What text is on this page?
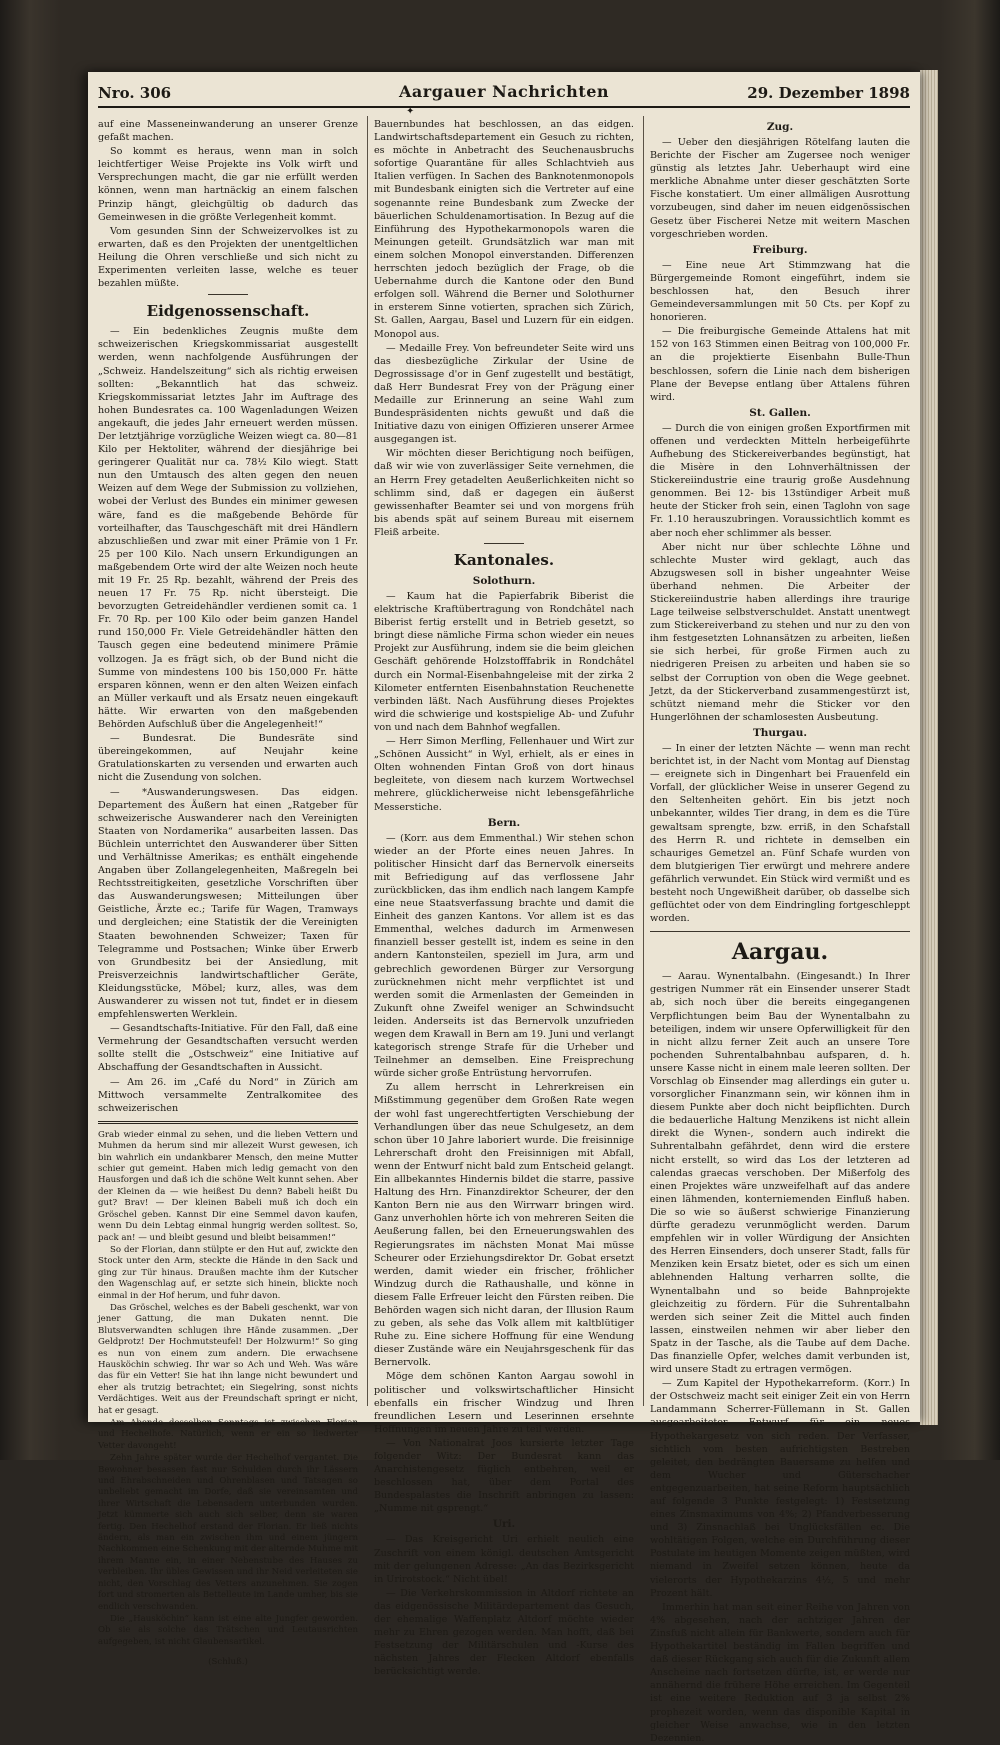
Nro. 306	Aargauer Nachrichten	29. Dezember 1898
✦

auf eine Masseneinwanderung an unserer Grenze gefaßt machen.

So kommt es heraus, wenn man in solch leichtfertiger Weise Projekte ins Volk wirft und Versprechungen macht, die gar nie erfüllt werden können, wenn man hartnäckig an einem falschen Prinzip hängt, gleichgültig ob dadurch das Gemeinwesen in die größte Verlegenheit kommt.

Vom gesunden Sinn der Schweizervolkes ist zu erwarten, daß es den Projekten der unentgeltlichen Heilung die Ohren verschließe und sich nicht zu Experimenten verleiten lasse, welche es teuer bezahlen müßte.

Eidgenossenschaft.

— Ein bedenkliches Zeugnis mußte dem schweizerischen Kriegskommissariat ausgestellt werden, wenn nachfolgende Ausführungen der „Schweiz. Handelszeitung“ sich als richtig erweisen sollten: „Bekanntlich hat das schweiz. Kriegskommissariat letztes Jahr im Auftrage des hohen Bundesrates ca. 100 Wagenladungen Weizen angekauft, die jedes Jahr erneuert werden müssen. Der letztjährige vorzügliche Weizen wiegt ca. 80—81 Kilo per Hektoliter, während der diesjährige bei geringerer Qualität nur ca. 78½ Kilo wiegt. Statt nun den Umtausch des alten gegen den neuen Weizen auf dem Wege der Submission zu vollziehen, wobei der Verlust des Bundes ein minimer gewesen wäre, fand es die maßgebende Behörde für vorteilhafter, das Tauschgeschäft mit drei Händlern abzuschließen und zwar mit einer Prämie von 1 Fr. 25 per 100 Kilo. Nach unsern Erkundigungen an maßgebendem Orte wird der alte Weizen noch heute mit 19 Fr. 25 Rp. bezahlt, während der Preis des neuen 17 Fr. 75 Rp. nicht übersteigt. Die bevorzugten Getreidehändler verdienen somit ca. 1 Fr. 70 Rp. per 100 Kilo oder beim ganzen Handel rund 150,000 Fr. Viele Getreidehändler hätten den Tausch gegen eine bedeutend minimere Prämie vollzogen. Ja es frägt sich, ob der Bund nicht die Summe von mindestens 100 bis 150,000 Fr. hätte ersparen können, wenn er den alten Weizen einfach an Müller verkauft und als Ersatz neuen eingekauft hätte. Wir erwarten von den maßgebenden Behörden Aufschluß über die Angelegenheit!“

— Bundesrat. Die Bundesräte sind übereingekommen, auf Neujahr keine Gratulationskarten zu versenden und erwarten auch nicht die Zusendung von solchen.

— *Auswanderungswesen. Das eidgen. Departement des Äußern hat einen „Ratgeber für schweizerische Auswanderer nach den Vereinigten Staaten von Nordamerika“ ausarbeiten lassen. Das Büchlein unterrichtet den Auswanderer über Sitten und Verhältnisse Amerikas; es enthält eingehende Angaben über Zollangelegenheiten, Maßregeln bei Rechtsstreitigkeiten, gesetzliche Vorschriften über das Auswanderungswesen; Mitteilungen über Geistliche, Ärzte ec.; Tarife für Wagen, Tramways und dergleichen; eine Statistik der die Vereinigten Staaten bewohnenden Schweizer; Taxen für Telegramme und Postsachen; Winke über Erwerb von Grundbesitz bei der Ansiedlung, mit Preisverzeichnis landwirtschaftlicher Geräte, Kleidungsstücke, Möbel; kurz, alles, was dem Auswanderer zu wissen not tut, findet er in diesem empfehlenswerten Werklein.

— Gesandtschafts-Initiative. Für den Fall, daß eine Vermehrung der Gesandtschaften versucht werden sollte stellt die „Ostschweiz“ eine Initiative auf Abschaffung der Gesandtschaften in Aussicht.

— Am 26. im „Café du Nord“ in Zürich am Mittwoch versammelte Zentralkomitee des schweizerischen

Grab wieder einmal zu sehen, und die lieben Vettern und Muhmen da herum sind mir allezeit Wurst gewesen, ich bin wahrlich ein undankbarer Mensch, den meine Mutter schier gut gemeint. Haben mich ledig gemacht von den Hausforgen und daß ich die schöne Welt kunnt sehen. Aber der Kleinen da — wie heißest Du denn? Babeli heißt Du gut? Brav! — Der kleinen Babeli muß ich doch ein Gröschel geben. Kannst Dir eine Semmel davon kaufen, wenn Du dein Lebtag einmal hungrig werden solltest. So, pack an! — und bleibt gesund und bleibt beisammen!“

So der Florian, dann stülpte er den Hut auf, zwickte den Stock unter den Arm, steckte die Hände in den Sack und ging zur Tür hinaus. Draußen machte ihm der Kutscher den Wagenschlag auf, er setzte sich hinein, blickte noch einmal in der Hof herum, und fuhr davon.

Das Gröschel, welches es der Babeli geschenkt, war von jener Gattung, die man Dukaten nennt. Die Blutsverwandten schlugen ihre Hände zusammen. „Der Geldprotz! Der Hochmutsteufel! Der Holzwurm!“ So ging es nun von einem zum andern. Die erwachsene Hausköchin schwieg. Ihr war so Ach und Weh. Was wäre das für ein Vetter! Sie hat ihn lange nicht bewundert und eher als trutzig betrachtet; ein Siegelring, sonst nichts Verdächtiges. Weit aus der Freundschaft springt er nicht, hat er gesagt.

Am Abende desselben Sonntags ist zwischen Florian und Hechelhofe. Natürlich, wenn er ein so liedwerter Vetter davongeht!

Zehn Jahre später wurde der Hechelhof vergantet. Die Bewohner besassen fast nur Schulden durch ihr Lässern und Ehrabschneiden und Ohrenblasen und Tatsagen so unbeliebt gemacht im Dorfe, daß sie vereinsamten und ihrer Wirtschaft die Lebensadern unterbunden wurden. Jetzt kümmerte sich auch sich selber, denn sie waren fertig. Den Hechelhof erstand der Florian. Er ließ nichts ändern, als man ein zwischen ihm und einem jüngern Nachkommen eine Schenkung mit der alternde Muhme mit ihrem Manne ein, in einer Nebenstube des Hauses zu verbleiben. Ihr übles Gewissen und ihr Neid verleiteten sie nicht, den Vorschlag des Vetters anzunehmen. Sie zogen fort und stromerten als Bettelleute im Lande umher, bis sie endlich verschwanden.

Die „Hausköchin“ kann ist eine alte Jungfer geworden. Ob sie als solche das Trätschen und Leutausrichten aufgegeben, ist nicht Glaubensartikel.

(Schluß.)

Bauernbundes hat beschlossen, an das eidgen. Landwirtschaftsdepartement ein Gesuch zu richten, es möchte in Anbetracht des Seuchenausbruchs sofortige Quarantäne für alles Schlachtvieh aus Italien verfügen. In Sachen des Banknotenmonopols mit Bundesbank einigten sich die Vertreter auf eine sogenannte reine Bundesbank zum Zwecke der bäuerlichen Schuldenamortisation. In Bezug auf die Einführung des Hypothekarmonopols waren die Meinungen geteilt. Grundsätzlich war man mit einem solchen Monopol einverstanden. Differenzen herrschten jedoch bezüglich der Frage, ob die Uebernahme durch die Kantone oder den Bund erfolgen soll. Während die Berner und Solothurner in ersterem Sinne votierten, sprachen sich Zürich, St. Gallen, Aargau, Basel und Luzern für ein eidgen. Monopol aus.

— Medaille Frey. Von befreundeter Seite wird uns das diesbezügliche Zirkular der Usine de Degrossissage d'or in Genf zugestellt und bestätigt, daß Herr Bundesrat Frey von der Prägung einer Medaille zur Erinnerung an seine Wahl zum Bundespräsidenten nichts gewußt und daß die Initiative dazu von einigen Offizieren unserer Armee ausgegangen ist.

Wir möchten dieser Berichtigung noch beifügen, daß wir wie von zuverlässiger Seite vernehmen, die an Herrn Frey getadelten Aeußerlichkeiten nicht so schlimm sind, daß er dagegen ein äußerst gewissenhafter Beamter sei und von morgens früh bis abends spät auf seinem Bureau mit eisernem Fleiß arbeite.

Kantonales.
Solothurn.

— Kaum hat die Papierfabrik Biberist die elektrische Kraftübertragung von Rondchâtel nach Biberist fertig erstellt und in Betrieb gesetzt, so bringt diese nämliche Firma schon wieder ein neues Projekt zur Ausführung, indem sie die beim gleichen Geschäft gehörende Holzstofffabrik in Rondchâtel durch ein Normal-Eisenbahngeleise mit der zirka 2 Kilometer entfernten Eisenbahnstation Reuchenette verbinden läßt. Nach Ausführung dieses Projektes wird die schwierige und kostspielige Ab- und Zufuhr von und nach dem Bahnhof wegfallen.

— Herr Simon Merfling, Fellenhauer und Wirt zur „Schönen Aussicht“ in Wyl, erhielt, als er eines in Olten wohnenden Fintan Groß von dort hinaus begleitete, von diesem nach kurzem Wortwechsel mehrere, glücklicherweise nicht lebensgefährliche Messerstiche.

Bern.

— (Korr. aus dem Emmenthal.) Wir stehen schon wieder an der Pforte eines neuen Jahres. In politischer Hinsicht darf das Bernervolk einerseits mit Befriedigung auf das verflossene Jahr zurückblicken, das ihm endlich nach langem Kampfe eine neue Staatsverfassung brachte und damit die Einheit des ganzen Kantons. Vor allem ist es das Emmenthal, welches dadurch im Armenwesen finanziell besser gestellt ist, indem es seine in den andern Kantonsteilen, speziell im Jura, arm und gebrechlich gewordenen Bürger zur Versorgung zurücknehmen nicht mehr verpflichtet ist und werden somit die Armenlasten der Gemeinden in Zukunft ohne Zweifel weniger an Schwindsucht leiden. Anderseits ist das Bernervolk unzufrieden wegen dem Krawall in Bern am 19. Juni und verlangt kategorisch strenge Strafe für die Urheber und Teilnehmer an demselben. Eine Freisprechung würde sicher große Entrüstung hervorrufen.

Zu allem herrscht in Lehrerkreisen ein Mißstimmung gegenüber dem Großen Rate wegen der wohl fast ungerechtfertigten Verschiebung der Verhandlungen über das neue Schulgesetz, an dem schon über 10 Jahre laboriert wurde. Die freisinnige Lehrerschaft droht den Freisinnigen mit Abfall, wenn der Entwurf nicht bald zum Entscheid gelangt. Ein allbekanntes Hindernis bildet die starre, passive Haltung des Hrn. Finanzdirektor Scheurer, der den Kanton Bern nie aus den Wirrwarr bringen wird. Ganz unverhohlen hörte ich von mehreren Seiten die Aeußerung fallen, bei den Erneuerungswahlen des Regierungsrates im nächsten Monat Mai müsse Scheurer oder Erziehungsdirektor Dr. Gobat ersetzt werden, damit wieder ein frischer, fröhlicher Windzug durch die Rathaushalle, und könne in diesem Falle Erfreuer leicht den Fürsten reiben. Die Behörden wagen sich nicht daran, der Illusion Raum zu geben, als sehe das Volk allem mit kaltblütiger Ruhe zu. Eine sichere Hoffnung für eine Wendung dieser Zustände wäre ein Neujahrsgeschenk für das Bernervolk.

Möge dem schönen Kanton Aargau sowohl in politischer und volkswirtschaftlicher Hinsicht ebenfalls ein frischer Windzug und Ihren freundlichen Lesern und Leserinnen ersehnte Hoffnungen im neuen Jahre zu teil werden.

— Von Nationalrat Joos kursierte letzter Tage folgender Witz: Der Bundesrat kann das Anarchistengesetz füglich entbehren, weil er beschlossen hat, über dem Portal des Bundespalastes die Inschrift anbringen zu lassen: „Numme nit gsprengt.“

Uri.

— Das Kreisgericht Uri erhielt neulich eine Zuschrift von einem königl. deutschen Amtsgericht mit der gelungenen Adresse: „An das Bezirksgericht in Urirotstock.“ Nicht übel!

— Die Verkehrskommission in Altdorf richtete an das eidgenössische Militärdepartement das Gesuch, der ehemalige Waffenplatz Altdorf möchte wieder mehr zu Ehren gezogen werden. Man hofft, daß bei Festsetzung der Militärschulen und -Kurse des nächsten Jahres der Flecken Altdorf ebenfalls berücksichtigt werde.

Zug.

— Ueber den diesjährigen Rötelfang lauten die Berichte der Fischer am Zugersee noch weniger günstig als letztes Jahr. Ueberhaupt wird eine merkliche Abnahme unter dieser geschätzten Sorte Fische konstatiert. Um einer allmäligen Ausrottung vorzubeugen, sind daher im neuen eidgenössischen Gesetz über Fischerei Netze mit weitern Maschen vorgeschrieben worden.

Freiburg.

— Eine neue Art Stimmzwang hat die Bürgergemeinde Romont eingeführt, indem sie beschlossen hat, den Besuch ihrer Gemeindeversammlungen mit 50 Cts. per Kopf zu honorieren.

— Die freiburgische Gemeinde Attalens hat mit 152 von 163 Stimmen einen Beitrag von 100,000 Fr. an die projektierte Eisenbahn Bulle-Thun beschlossen, sofern die Linie nach dem bisherigen Plane der Bevepse entlang über Attalens führen wird.

St. Gallen.

— Durch die von einigen großen Exportfirmen mit offenen und verdeckten Mitteln herbeigeführte Aufhebung des Stickereiverbandes begünstigt, hat die Misère in den Lohnverhältnissen der Stickereiindustrie eine traurig große Ausdehnung genommen. Bei 12- bis 13stündiger Arbeit muß heute der Sticker froh sein, einen Taglohn von sage Fr. 1.10 herauszubringen. Voraussichtlich kommt es aber noch eher schlimmer als besser.

Aber nicht nur über schlechte Löhne und schlechte Muster wird geklagt, auch das Abzugswesen soll in bisher ungeahnter Weise überhand nehmen. Die Arbeiter der Stickereiindustrie haben allerdings ihre traurige Lage teilweise selbstverschuldet. Anstatt unentwegt zum Stickereiverband zu stehen und nur zu den von ihm festgesetzten Lohnansätzen zu arbeiten, ließen sie sich herbei, für große Firmen auch zu niedrigeren Preisen zu arbeiten und haben sie so selbst der Corruption von oben die Wege geebnet. Jetzt, da der Stickerverband zusammengestürzt ist, schützt niemand mehr die Sticker vor den Hungerlöhnen der schamlosesten Ausbeutung.

Thurgau.

— In einer der letzten Nächte — wenn man recht berichtet ist, in der Nacht vom Montag auf Dienstag — ereignete sich in Dingenhart bei Frauenfeld ein Vorfall, der glücklicher Weise in unserer Gegend zu den Seltenheiten gehört. Ein bis jetzt noch unbekannter, wildes Tier drang, in dem es die Türe gewaltsam sprengte, bzw. erriß, in den Schafstall des Herrn R. und richtete in demselben ein schauriges Gemetzel an. Fünf Schafe wurden von dem blutgierigen Tier erwürgt und mehrere andere gefährlich verwundet. Ein Stück wird vermißt und es besteht noch Ungewißheit darüber, ob dasselbe sich geflüchtet oder von dem Eindringling fortgeschleppt worden.

Aargau.

— Aarau. Wynentalbahn. (Eingesandt.) In Ihrer gestrigen Nummer rät ein Einsender unserer Stadt ab, sich noch über die bereits eingegangenen Verpflichtungen beim Bau der Wynentalbahn zu beteiligen, indem wir unsere Opferwilligkeit für den in nicht allzu ferner Zeit auch an unsere Tore pochenden Suhrentalbahnbau aufsparen, d. h. unsere Kasse nicht in einem male leeren sollten. Der Vorschlag ob Einsender mag allerdings ein guter u. vorsorglicher Finanzmann sein, wir können ihm in diesem Punkte aber doch nicht beipflichten. Durch die bedauerliche Haltung Menzikens ist nicht allein direkt die Wynen-, sondern auch indirekt die Suhrentalbahn gefährdet, denn wird die erstere nicht erstellt, so wird das Los der letzteren ad calendas graecas verschoben. Der Mißerfolg des einen Projektes wäre unzweifelhaft auf das andere einen lähmenden, konterniemenden Einfluß haben. Die so wie so äußerst schwierige Finanzierung dürfte geradezu verunmöglicht werden. Darum empfehlen wir in voller Würdigung der Ansichten des Herren Einsenders, doch unserer Stadt, falls für Menziken kein Ersatz bietet, oder es sich um einen ablehnenden Haltung verharren sollte, die Wynentalbahn und so beide Bahnprojekte gleichzeitig zu fördern. Für die Suhrentalbahn werden sich seiner Zeit die Mittel auch finden lassen, einstweilen nehmen wir aber lieber den Spatz in der Tasche, als die Taube auf dem Dache. Das finanzielle Opfer, welches damit verbunden ist, wird unsere Stadt zu ertragen vermögen.

— Zum Kapitel der Hypothekarreform. (Korr.) In der Ostschweiz macht seit einiger Zeit ein von Herrn Landammann Scherrer-Füllemann in St. Gallen ausgearbeiteter Entwurf für ein neues Hypothekargesetz von sich reden. Der Verfasser, sichtlich vom besten aufrichtigsten Bestreben geleitet, den bedrängten Bauersame zu helfen und dem Wucher und Güterschacher entgegenzuarbeiten, hat seine Reform hauptsächlich auf folgende 3 Punkte festgelegt: 1) Festsetzung eines Zinsmaximums von 4%; 2) Pfandverbesserung und 3) Zinsnachlaß bei Unglücksfällen ec. Die wohltätigen Folgen, welche ein Durchführung dieser Postulate im heutigen Momente zeigen müßten, wird niemand in Zweifel setzen können, heute da vielerorts der Hypothekarzins 4½, 5 und mehr Prozent hält.

Immerhin hat man seit einer Reihe von Jahren von 4% abgesehen, nach der achtziger Jahren der Zinsfuß nicht allein für Bankwerte, sondern auch für Hypothekartitel beständig im Fallen begriffen und daß dieser Rückgang sich auch für die Zukunft allem Anscheine nach fortsetzen dürfte, ist, er werde nur annähernd die frühere Höhe erreichen. Im Gegenteil ist eine weitere Reduktion auf 3 ja selbst 2% prophezeit worden, wenn das disponible Kapital in gleicher Weise anwachse, wie in den letzten Dezennien.
